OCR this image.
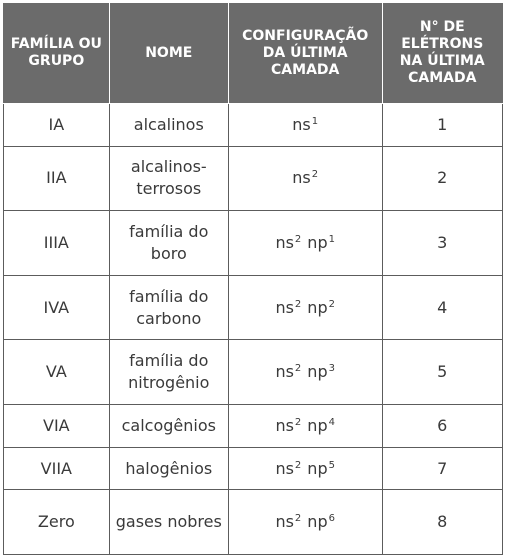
FAMÍLIA OU GRUPO	NOME	CONFIGURAÇÃO DA ÚLTIMA CAMADA	N° DE ELÉTRONS NA ÚLTIMA CAMADA
IA	alcalinos	$ns^1$	1
IIA	alcalinos-terrosos	$ns^2$	2
IIIA	família do boro	$ns^2$ $np^1$	3
IVA	família do carbono	$ns^2$ $np^2$	4
VA	família do nitrogênio	$ns^2$ $np^3$	5
VIA	calcogênios	$ns^2$ $np^4$	6
VIIA	halogênios	$ns^2$ $np^5$	7
Zero	gases nobres	$ns^2$ $np^6$	8
